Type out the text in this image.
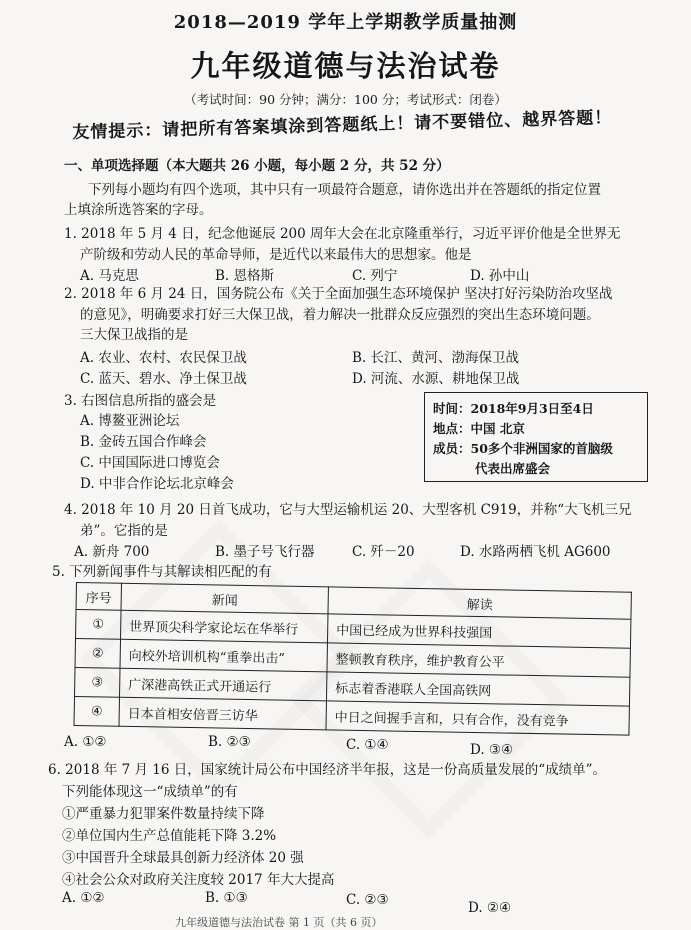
2018—2019 学年上学期教学质量抽测
九年级道德与法治试卷
（考试时间：90 分钟；满分：100 分；考试形式：闭卷）
友情提示：请把所有答案填涂到答题纸上！请不要错位、越界答题！
一、单项选择题（本大题共 26 小题，每小题 2 分，共 52 分）
下列每小题均有四个选项，其中只有一项最符合题意，请你选出并在答题纸的指定位置
上填涂所选答案的字母。
1. 2018 年 5 月 4 日，纪念他诞辰 200 周年大会在北京隆重举行，习近平评价他是全世界无
产阶级和劳动人民的革命导师，是近代以来最伟大的思想家。他是
A. 马克思	B. 恩格斯	C. 列宁	D. 孙中山
2. 2018 年 6 月 24 日，国务院公布《关于全面加强生态环境保护 坚决打好污染防治攻坚战
的意见》，明确要求打好三大保卫战，着力解决一批群众反应强烈的突出生态环境问题。
三大保卫战指的是
A. 农业、农村、农民保卫战	B. 长江、黄河、渤海保卫战
C. 蓝天、碧水、净土保卫战	D. 河流、水源、耕地保卫战
3. 右图信息所指的盛会是
A. 博鳌亚洲论坛
B. 金砖五国合作峰会
C. 中国国际进口博览会
D. 中非合作论坛北京峰会
时间：2018年9月3日至4日
地点：中国 北京
成员：50多个非洲国家的首脑级
代表出席盛会
4. 2018 年 10 月 20 日首飞成功，它与大型运输机运 20、大型客机 C919，并称“大飞机三兄
弟”。它指的是
A. 新舟 700	B. 墨子号飞行器	C. 歼－20	D. 水路两栖飞机 AG600
5. 下列新闻事件与其解读相匹配的有
序号	新闻	解读
①	世界顶尖科学家论坛在华举行	中国已经成为世界科技强国
②	向校外培训机构“重拳出击”	整顿教育秩序，维护教育公平
③	广深港高铁正式开通运行	标志着香港联人全国高铁网
④	日本首相安倍晋三访华	中日之间握手言和，只有合作，没有竞争
A. ①②	B. ②③	C. ①④	D. ③④
6. 2018 年 7 月 16 日，国家统计局公布中国经济半年报，这是一份高质量发展的“成绩单”。
下列能体现这一“成绩单”的有
①严重暴力犯罪案件数量持续下降
②单位国内生产总值能耗下降 3.2%
③中国晋升全球最具创新力经济体 20 强
④社会公众对政府关注度较 2017 年大大提高
A. ①②	B. ①③	C. ②③	D. ②④
九年级道德与法治试卷 第 1 页（共 6 页）
